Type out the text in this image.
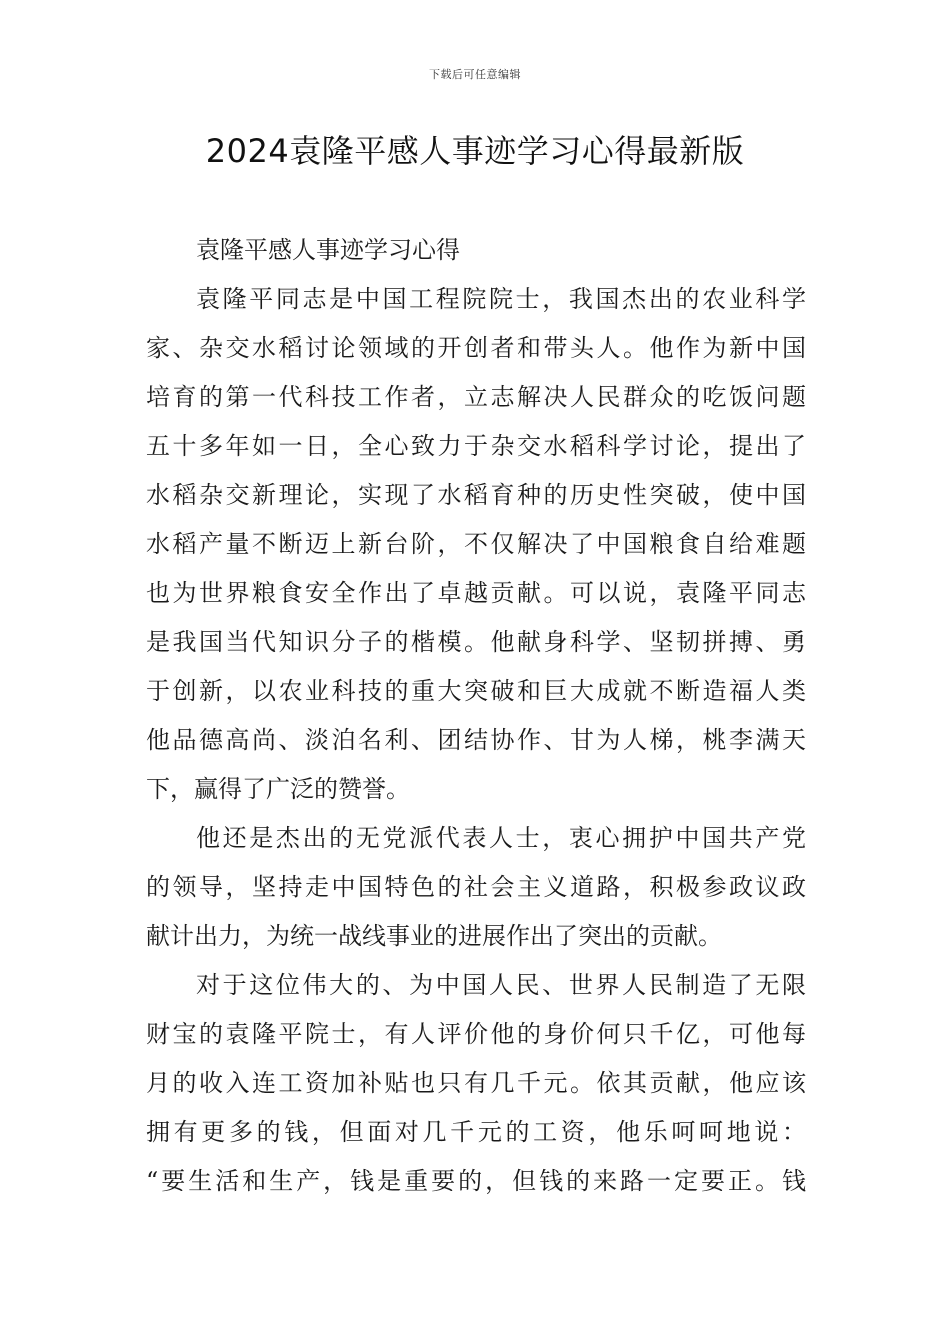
下载后可任意编辑
2024袁隆平感人事迹学习心得最新版
袁隆平感人事迹学习心得
袁隆平同志是中国工程院院士，我国杰出的农业科学
家、杂交水稻讨论领域的开创者和带头人。他作为新中国
培育的第一代科技工作者，立志解决人民群众的吃饭问题
五十多年如一日，全心致力于杂交水稻科学讨论，提出了
水稻杂交新理论，实现了水稻育种的历史性突破，使中国
水稻产量不断迈上新台阶，不仅解决了中国粮食自给难题
也为世界粮食安全作出了卓越贡献。可以说，袁隆平同志
是我国当代知识分子的楷模。他献身科学、坚韧拼搏、勇
于创新，以农业科技的重大突破和巨大成就不断造福人类
他品德高尚、淡泊名利、团结协作、甘为人梯，桃李满天
下，赢得了广泛的赞誉。
他还是杰出的无党派代表人士，衷心拥护中国共产党
的领导，坚持走中国特色的社会主义道路，积极参政议政
献计出力，为统一战线事业的进展作出了突出的贡献。
对于这位伟大的、为中国人民、世界人民制造了无限
财宝的袁隆平院士，有人评价他的身价何只千亿，可他每
月的收入连工资加补贴也只有几千元。依其贡献，他应该
拥有更多的钱，但面对几千元的工资，他乐呵呵地说：
“要生活和生产，钱是重要的，但钱的来路一定要正。钱
